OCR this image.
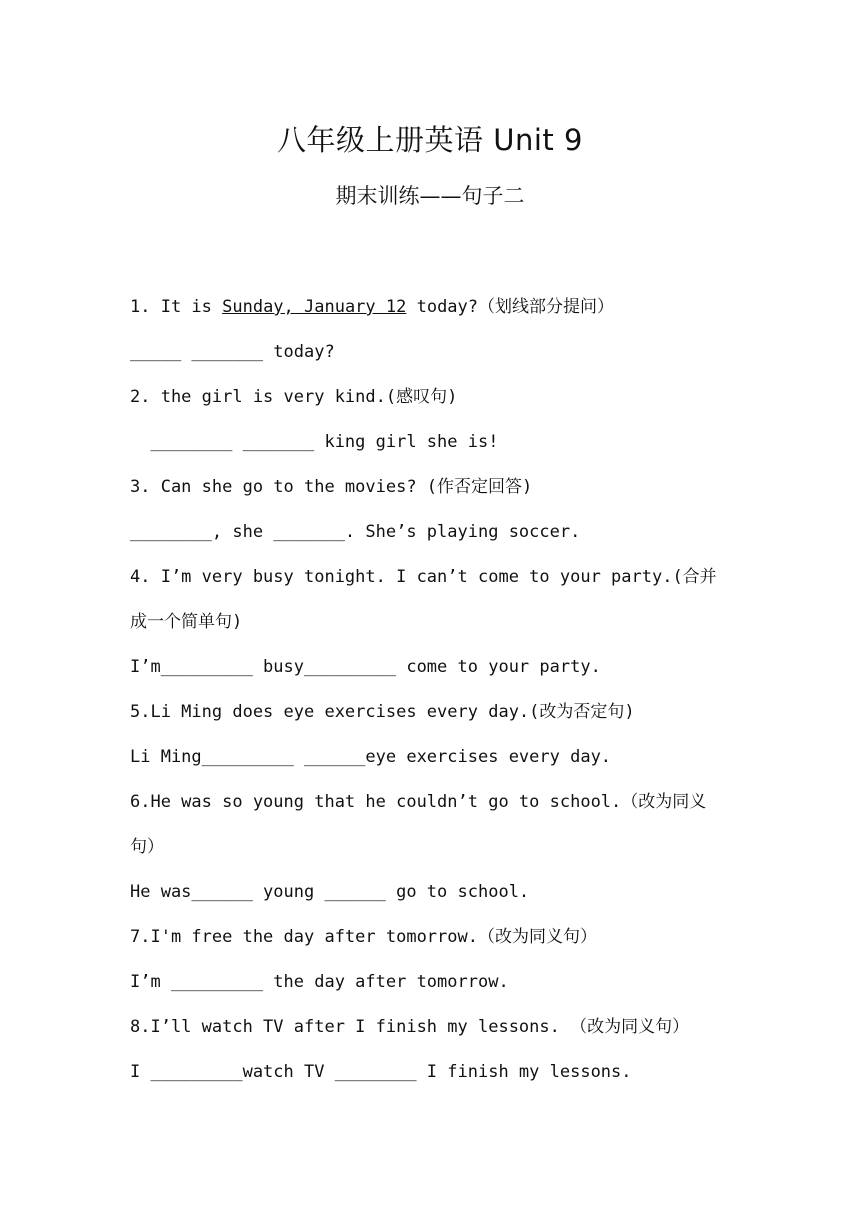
八年级上册英语 Unit 9
期末训练——句子二
1. It is Sunday, January 12 today?（划线部分提问）
_____ _______ today?
2. the girl is very kind.(感叹句)
________ _______ king girl she is!
3. Can she go to the movies? (作否定回答)
________, she _______. She’s playing soccer.
4. I’m very busy tonight. I can’t come to your party.(合并
成一个简单句)
I’m_________ busy_________ come to your party.
5.Li Ming does eye exercises every day.(改为否定句)
Li Ming_________ ______eye exercises every day.
6.He was so young that he couldn’t go to school.（改为同义
句）
He was______ young ______ go to school.
7.I'm free the day after tomorrow.（改为同义句）
I’m _________ the day after tomorrow.
8.I’ll watch TV after I finish my lessons. （改为同义句）
I _________watch TV ________ I finish my lessons.
